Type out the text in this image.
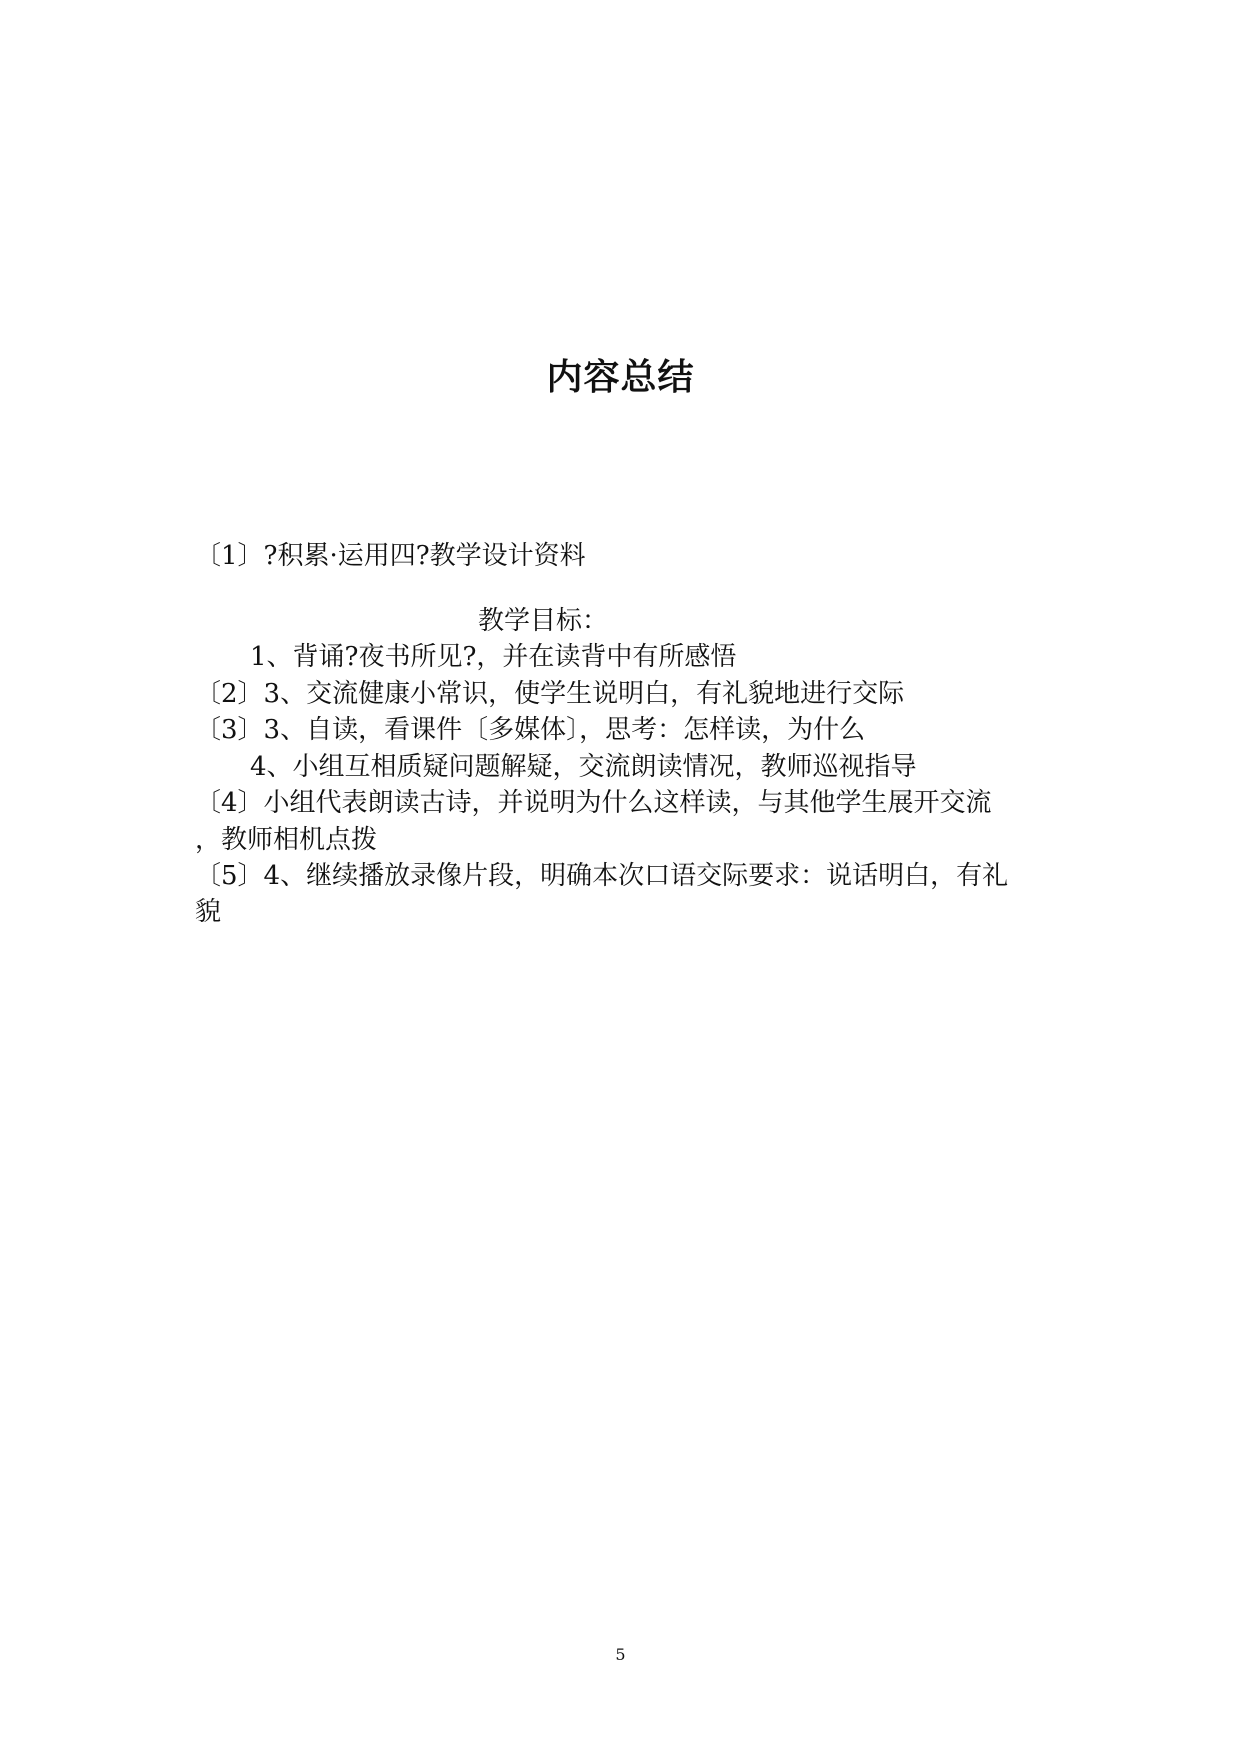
内容总结
〔1〕?积累·运用四?教学设计资料
教学目标：
1、背诵?夜书所见?，并在读背中有所感悟
〔2〕3、交流健康小常识，使学生说明白，有礼貌地进行交际
〔3〕3、自读，看课件〔多媒体〕，思考：怎样读，为什么
4、小组互相质疑问题解疑，交流朗读情况，教师巡视指导
〔4〕小组代表朗读古诗，并说明为什么这样读，与其他学生展开交流
，教师相机点拨
〔5〕4、继续播放录像片段，明确本次口语交际要求：说话明白，有礼
貌
5
